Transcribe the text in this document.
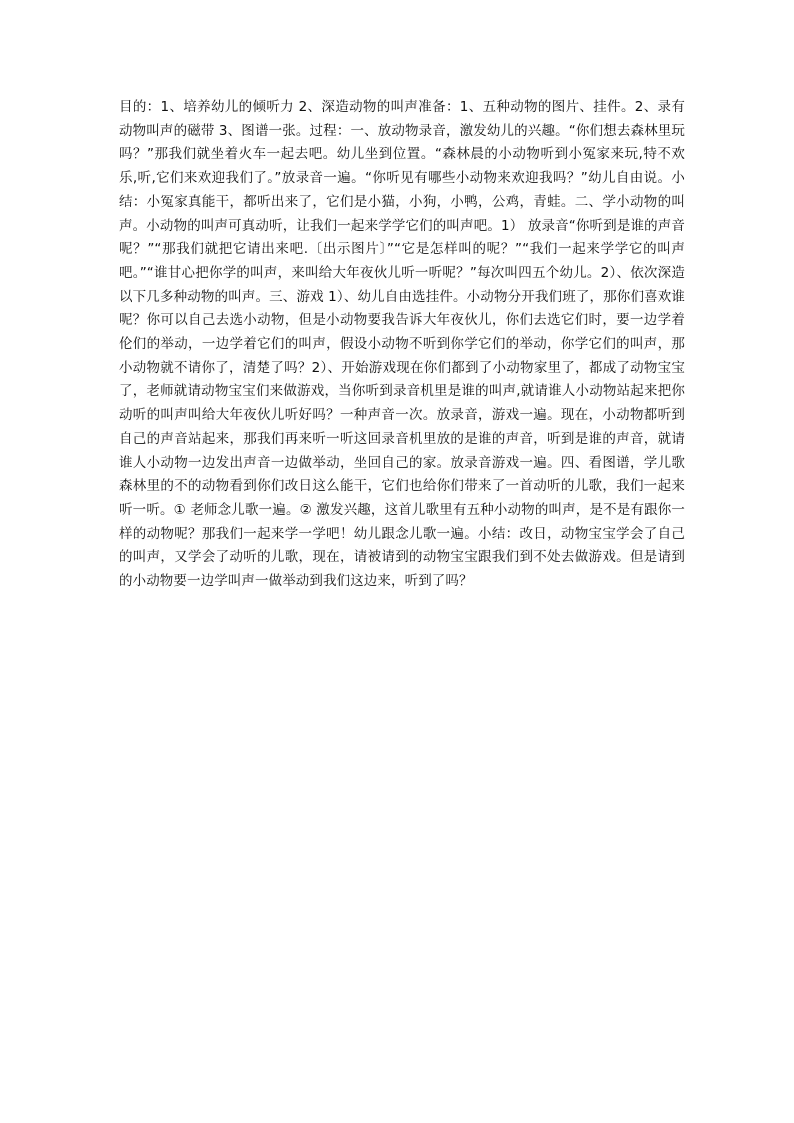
目的：1、培养幼儿的倾听力 2、深造动物的叫声准备：1、五种动物的图片、挂件。2、录有动物叫声的磁带 3、图谱一张。过程：一、放动物录音，激发幼儿的兴趣。“你们想去森林里玩吗？”那我们就坐着火车一起去吧。幼儿坐到位置。“森林晨的小动物听到小冤家来玩,特不欢乐,听,它们来欢迎我们了。”放录音一遍。“你听见有哪些小动物来欢迎我吗？”幼儿自由说。小结：小冤家真能干，都听出来了，它们是小猫，小狗，小鸭，公鸡，青蛙。二、学小动物的叫声。小动物的叫声可真动听，让我们一起来学学它们的叫声吧。1） 放录音“你听到是谁的声音呢？”“那我们就把它请出来吧.〔出示图片〕”“它是怎样叫的呢？”“我们一起来学学它的叫声吧。”“谁甘心把你学的叫声，来叫给大年夜伙儿听一听呢？”每次叫四五个幼儿。2）、依次深造以下几多种动物的叫声。三、游戏 1）、幼儿自由选挂件。小动物分开我们班了，那你们喜欢谁呢？你可以自己去选小动物，但是小动物要我告诉大年夜伙儿，你们去选它们时，要一边学着伦们的举动，一边学着它们的叫声，假设小动物不听到你学它们的举动，你学它们的叫声，那小动物就不请你了，清楚了吗？2）、开始游戏现在你们都到了小动物家里了，都成了动物宝宝了，老师就请动物宝宝们来做游戏，当你听到录音机里是谁的叫声,就请谁人小动物站起来把你动听的叫声叫给大年夜伙儿听好吗？一种声音一次。放录音，游戏一遍。现在，小动物都听到自己的声音站起来，那我们再来听一听这回录音机里放的是谁的声音，听到是谁的声音，就请谁人小动物一边发出声音一边做举动，坐回自己的家。放录音游戏一遍。四、看图谱，学儿歌森林里的不的动物看到你们改日这么能干，它们也给你们带来了一首动听的儿歌，我们一起来听一听。① 老师念儿歌一遍。② 激发兴趣，这首儿歌里有五种小动物的叫声，是不是有跟你一样的动物呢？那我们一起来学一学吧！幼儿跟念儿歌一遍。小结：改日，动物宝宝学会了自己的叫声，又学会了动听的儿歌，现在，请被请到的动物宝宝跟我们到不处去做游戏。但是请到的小动物要一边学叫声一做举动到我们这边来，听到了吗？
